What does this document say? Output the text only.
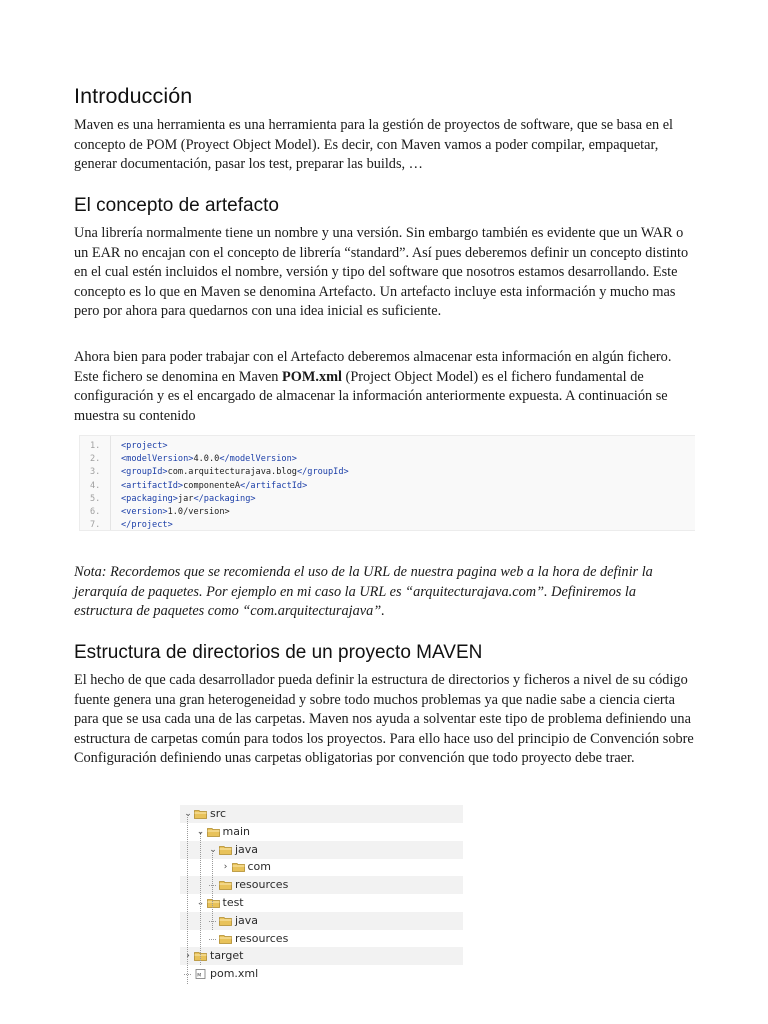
Introducción

Maven es una herramienta es una herramienta para la gestión de proyectos de software, que se basa en el concepto de POM (Proyect Object Model). Es decir, con Maven vamos a poder compilar, empaquetar, generar documentación, pasar los test, preparar las builds, …

El concepto de artefacto

Una librería normalmente tiene un nombre y una versión. Sin embargo también es evidente que un WAR o un EAR no encajan con el concepto de librería “standard”. Así pues deberemos definir un concepto distinto en el cual estén incluidos el nombre, versión y tipo del software que nosotros estamos desarrollando. Este concepto es lo que en Maven se denomina Artefacto. Un artefacto incluye esta información y mucho mas pero por ahora para quedarnos con una idea inicial es suficiente.

Ahora bien para poder trabajar con el Artefacto deberemos almacenar esta información en algún fichero. Este fichero se denomina en Maven POM.xml (Project Object Model) es el fichero fundamental de configuración y es el encargado de almacenar la información anteriormente expuesta. A continuación se muestra su contenido

Nota: Recordemos que se recomienda el uso de la URL de nuestra pagina web a la hora de definir la jerarquía de paquetes. Por ejemplo en mi caso la URL es “arquitecturajava.com”. Definiremos la estructura de paquetes como “com.arquitecturajava”.

Estructura de directorios de un proyecto MAVEN

El hecho de que cada desarrollador pueda definir la estructura de directorios y ficheros a nivel de su código fuente genera una gran heterogeneidad y sobre todo muchos problemas ya que nadie sabe a ciencia cierta para que se usa cada una de las carpetas. Maven nos ayuda a solventar este tipo de problema definiendo una estructura de carpetas común para todos los proyectos. Para ello hace uso del principio de Convención sobre Configuración definiendo unas carpetas obligatorias por convención que todo proyecto debe traer.

1.	<project>
2.	<modelVersion>4.0.0</modelVersion>
3.	<groupId>com.arquitecturajava.blog</groupId>
4.	<artifactId>componenteA</artifactId>
5.	<packaging>jar</packaging>
6.	<version>1.0/version>
7.	</project>
⌄ src
⌄ main
⌄ java
› com
resources
⌄ test
java
resources
› target
M pom.xml
